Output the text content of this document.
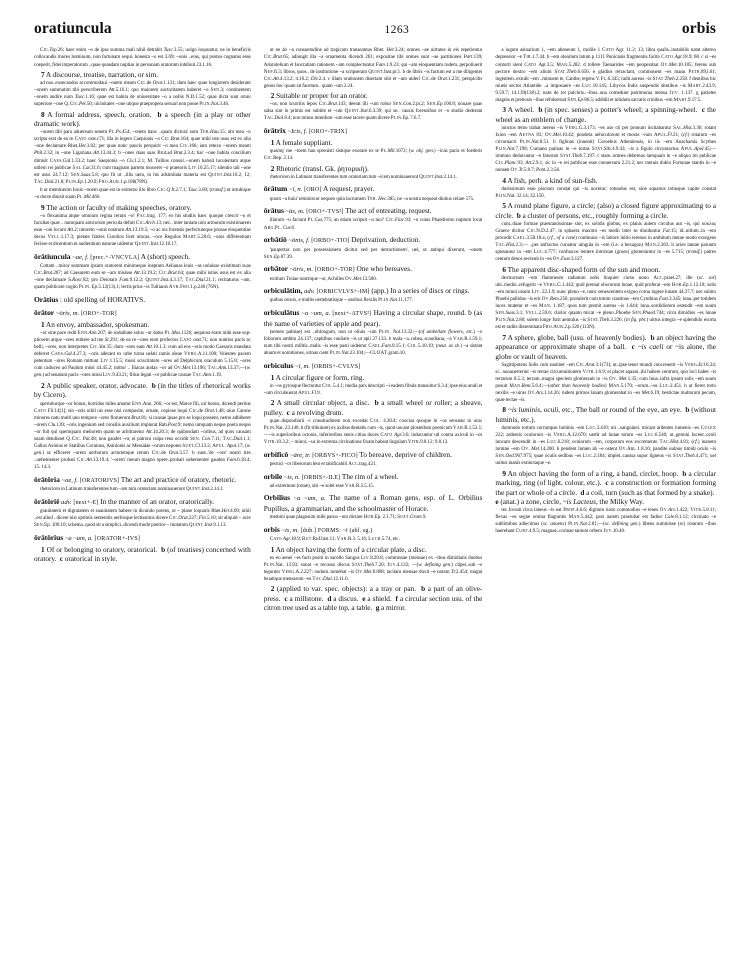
oratiuncula	1263	orbis
Cic.Top.26; haec enim ~o de ipsa summa mali nihil detrahit Tusc.3.55; uolgo loquuntur, ne in beneficiis collocandis mores hominum, non fortunam sequi. honesta ~o est 3.69; ~onis ..eius, qui postea cognatus esse coeperit, fidei imperatorum ..quae quasdam nuptias in personam oratorum inhibuit 23.1.16.
7 A discourse, treatise, narration, or sim.
ad nos..exsecandos accommodaui ~onem meam Cic.de Orat.1.131; dum haec quae longiorem desiderant ~onem summatim tibi perscriberem Att.5.16.1; quo maiorem auctoritatem haberet ~o Sen.3; continentem ~onem audire num Tusc.1.16; quae est habita de uniuersitate ~o a nobis N.D.1.52; quae dicta sunt omni superiore ~one Q.Cic.Pet.50; uicinitates ~one utique praepropera seruari non posse Plin.Nat.3.46.
8 A formal address, speech, oration.  b a speech (in a play or other dramatic work).
~onem tibi para aduersum senem Pl.Ps.454; ~onem hanc ..quam dictura' sum Ter.Hau.15; ubi mea ~o scripta erat de ea re Cato orat.c71; illa in legem Caepionis ~o Cic.Brut.164; quae mihi iste usus est ex alia ~one declamare Rhet.Her.3.82; per quae nunc paucis perquirit ~o mea Cic.166; iam retexo ~onem meam Phil.2.32; in ~one Ligariana Att.13.44.3; b ~ones duas suas Brut.ad Brut.2.3.4; hac ~one habita concilium dimisit Caes.Gal.1.33.2; haec Saepionis ~o Civ.1.2.1; M. Tullius consul..~onem habuit luculentam atque utilem rei publicae Sal.Cat.31.6; cum magnam partem moueret ~o praetoris Liv.10.25.17; silentio tali ~one est usus 24.7.12; Sen.Suas.5.8; quo fit ut ..illis uera, in his adsimilata materia est Quint.Inst.10.2, 12; Tac.Dial.21.8; Plin.Ep.1.20.9; Fro.Aur.1.p.188(78N).
b ut meminerim Iouis ~onem quae est in extremo illo libro Cic.Q fr.2.7.1; Tusc.3.60; (transf.) ut utrubique ~o docte diuisit suam Pl.Mil.466.
9 The action or faculty of making speeches, oratory.
~o flexanima atque omnium regina rerum ~o! Pac.trag. 177; ex his studiis haec quoque crescit ~o et facultas quae .. numquam amicorum pericula defuit Cic.Arch.13; nec.. inter tantam uim armorum existimarem esse ~oni locum Att.2; nitorem ~onis nostrum Att.13.19.5; ~o ac uis forensis perfectumque prosae eloquentiae decus Vell.1.17.3; pietate fratres Curulios licet uincas, ~oce Regulos Mart.5.28.6; ~onis differentiam fecisse et dicentium et audientium naturae uidentur Quint.Inst.12.10.17.
ōrātiuncula ~ae, f. [prec.+-VNCVLA] A (short) speech.
Cottam ..miror summam ipsum oratorem minimeque ineptum Aelianas leuis ~as uoluisse existimari suas Cic.Brut.207; ad Caesarem eum se ~am misisse Att.13.19.2; Cic.Brut.64; quae mihi istius usus est ex alia ~one declamare S.Rosc.82; pro Deiotaro Fam.9.12.2; Quint.Inst.4.3.17; Tac.Dial.21.1; recitaturus ~am, quam publicare cogito Plin. Ep.5.12(13).1; lectis prius ~is Tullianis Avr.Fro.1.p.246 (76N).
Orātius : old spelling of HORATIVS.
ōrātor ~ōris, m. [ORO+-TOR]
1 An envoy, ambassador, spokesman.
~or sine pace redit Enn.Ann.207; de sodalitate solus ~or datus Pl.Mos.1126; aequiust eram mihi esse suppliceem atque ~ores mittere ad me St.291; de ea re ~ores eum profectos Cato orat.71; non nuntios pacis ac belli, ~ores, non interpretes Cic.Vat.35; dum ~ores eant Att.10.1.3; cum ad eos ~oris modo Caesaris mandata deferret Caes.Gal.4.27.3; ~oris aderant ex urbe turna uelati ramis oleae Verg.A.11.100; Veientes pacem petentum ~ores Romam mittunt Liv.1.15.5; missi sciscitatum ~ores ad Delphicum oraculum 5.15.8; ~ores cum caduceo ad Paulum misit 44.45.2; mittor .. Iliacas audax ~or ad Ov.Met.13.196; Tac.Ann.13.37;—(w. gen.) ad senatum pacis ~ores missi Liv.9.43.21; filius legati ~or publicae causae Tac.Ann.1.19.
2 A public speaker, orator, advocate.  b (in the titles of rhetorical works by Cicero).
sperniturque ~or bonus, horridus miles amatur Enn.Ann. 266; ~or est, Marce fili, uir bonus, dicendi peritus Cato Fil.14[1]; sin ~oris nihil uis esse nisi composite, ornate, copiose loqui Cic.de Orat.1.48; uiuo Catone minores natu multi uno tempore ~ores floruerunt Brut.81; si causae ipsae pro se loqui possent, nemo adhiberet ~orem Clu.139; ~oris ingenium sed consilis auxilium implorat Rab.Post.9; nemo umquam neque poeta neque ~or fuit qui quemquam meliorem quam se arbitraretur Att.14.20.3; de quibusdam ~oribus, ad quos causam suam detulisset Q.Cic. Pat.48; non gaudet ~or, ei patroni culpa reus occidit Sen. Con.7.11; Tac.Dial.1.1; Gallus Asinius et Statilius Coruinus, Asinionis ac Messalae ~orum nepotes Suet.Cl.13.2; Apul. Apol.17; (w. gen.) ut efficeret ~orem uerborum actoremque rerum Cic.de Orat.3.57. b sunt..'de ~ore' nostri tres ..uehementer probati Cic.Att.13.19.4; '~orem' meum magno opere..probari uehementer gaudeo Fam.6.18.4; 15. 14.3.
ōrātōria ~ae, f. [ORATORIVS] The art and practice of oratory, rhetoric.
rhetoricen in Latinum transferentes tum ~am tum oratoriam nominauerunt Quint.Inst.2.14.1.
ōrātōriē adv. [next+-E] In the manner of an orator, oratorically.
grauitatem et dignitatem et suauitatem habere in dicundo potens, ut ~ plane loquaris Rhet.Her.4.69; nihil ..est aliud ..dicere nisi optimis sententiis uerbisque lectissimis dicere Cic.Orat.227; Fin.5.10; sit aliquid ~ acre Sen.Ep. 100.10; schema..quod sit a simplici..dicendi modo poetice ~ mutatum Quint.Inst.9.1.13.
ōrātōrius ~a ~um, a. [ORATOR+-IVS]
1 Of or belonging to oratory, oratorical.  b (of treatises) concerned with oratory.  c oratorical in style.
ut ne ab ~a consuetudine ad tragicam transeamus Rhet. Her.3.24; omnes ~ae uirtutes in eis reperientur Cic.Brut.65; adiungit illa ~a ornamenta dicendi 261; expositae tibi omnes sunt ~ae partitiones Part.139; Aristotelium et Isocratiam rationem ~am complectuntur Fam.1.9.23; qui ~am eloquentiam rudem..perpoliuerit Nep.fr.3; libros, quos.. de institutione ~a scripseram Quint.Inst.pr.1. b de libris ~is factum est a me diligenter Cic.Att.4.13.2; 4.16.2; Div.2.4. c illam orationem disertam sibi et ~am uideri Cic.de Orat.1.231; perspicitis genus hoc quam sit facetum.. quam ~um 2.24.
2 Suitable or proper for an orator.
~us, non scurrilis lepos Cic.Brut.143; deerat illi ~um robur Sen.Con.2.pr.2; Sen.Ep.100.8; nouare quae salsa sint in primis est subtile et ~um Quint.Inst.6.3.39; qui se.. causis forensibus et ~o studio dederant Tac.Dial.8.4; non minus interdum ~um esse tacere quam dicere Plin.Ep. 7.6.7.
ōrātrix ~Icis, f. [ORO+-TRIX]
1 A female suppliant.
quomq' me ~toem hau spreuisti sistique exorare ex te Pl.Mil.1072; (w. obj. gen.) ~icas pacis et foederis Cic.Rep. 2.14.
2 Rhetoric (transl. Gk. ῥητορική).
rhetoricen in Latinum transferentes tum oratoriam tum ~icem nominauerunt Quint.Inst.2.14.1.
ōrātum ~ī, n. [ORO] A request, prayer.
quom ~a huiu' reminiscor nequeo quin lacrumem Ter. Hec.385; ne ~a nostra nequeat diutius celare 575.
ōrātus ~ūs, m. [ORO+-TVS³] The act of entreating, request.
illarum ~u faciunt Pl.Cas.775; an etiam scripsit ~u tuo? Cic.Flac.93; ~u cuius Phaedromo nuptum locat Arg.Pl. Cur.8.
orbātiō ~ōnis, f. [ORBO+-TIO] Deprivation, deduction.
'paupertas non per possessionem dicitur sed per detractionem', uel, ut antiqui dixerunt, ~onem Sen.Ep.87.39.
orbātor ~ōris, m. [ORBO+-TOR] One who bereaves.
exitium Troiae nostrique ~or, Achilles Ov.Met.13.500.
orbiculātim, adv. [ORBICVLVS+-IM] (app.) In a series of discs or rings.
quibus ceruix, e multis uertebratisque ~ ossibus flexilis Plin.Nat.11.177.
orbiculātus ~a ~um, a. [next+-ATVS²] Having a circular shape, round. b (as the name of varieties of apple and pear).
(semen palmae) est ..oblongum, non ut oliuis ~um Plin. Nat.13.32;—(of umbellate flowers, etc.) ~o foliorum ambitu 24.137; capitibus cauliam ~is ut apii 27.133. b mala ~a..rubea..scaudiana, ~a Var.R.1.59.1; num tibi nostri militis..malis ~is esse pasti uidentur Cael.Fam.8.15.1; Col.5.10.19; (neut. as sb.) ~a sistant aluum et uomitiones, urinas cient Plin.Nat.23.104;—CLOAT.gram.10.
orbiculus ~ī, m. [ORBIS+-CVLVS]
1 A circular figure or form, ring.
in ~os gyrosque flectuntur Col.5.4.1; media pars descripti ~i eadem fibula transuitur 6.3.4; ipse eius anuli et ~um circulauerat Apul.Fl.9.
2 A small circular object, a disc.  b a small wheel or roller; a sheave, pulley.  c a revolving drum.
quae..dupondiarii ~i crassitudinem non excedat Col. 4.30.4; coocisa quoque in ~os seruatur in uino Plin.Nat. 23.148. b (fit tribulum) ex axibus dentatis cum ~is, quod uocant plostellum poenicum Var.R.1.52.1;—~is superioribus octonis, inferioribus senis citius duces Cato Agr.3.6; inducuntur uti contra axiculi in ~os Vitr.10.3.2; ~ minor..~us in extrema circinatione fixam habeat lingulam Vitr.9.8.12; 9.8.13.
orbificō ~āre, tr. [ORBVS+-FICO] To bereave, deprive of children.
pernici ~or liberorum leto et tabificabili Acc.trag.421.
orbile ~is, n. [ORBIS+-ILE] The rim of a wheel.
ad extremum (rotae), ubi ~e solet esse Var.R.3.5.15.
Orbilius ~a ~um, a. The name of a Roman gens, esp. of L. Orbilius Pupillus, a grammarian, and the schoolmaster of Horace.
memini quae plagosum mihi paruo ~um dictare Hor.Ep. 2.1.71; Suet.Gram.9.
orbis ~is, m. [dub.] FORMS: ~ī (abl. sg.)
Cato Agr.18.9; Rut.Ruf.hist.11; Var.R.3. 5.16; Lucr.5.74, etc.
1 An object having the form of a circular plate, a disc.
ex eo aenei ~es facti positi in sacello Sangus Liv.8.20.8; commissae (mensae) ex ~ibus dimidiatis duobus Plin.Nat. 13.93; sonat ~e recusso discus Stat.Theb.7.20; Juv.4.132; —(w. defining gen.) clipei..sub ~e teguntur Verg.A.2.227; nudum..tumebat ~is Ov.Met.8.808; tacitam mensae duxit ~e notam Tr.2.454; magni leuatique mensarum ~es Tac.Dial.12.11.6.
2 (applied to var. spec. objects): a a tray or pan.  b a part of an olive-press.  c a millstone.  d a discus.  e a shield.  f a circular section usu. of the citron tree used as a table top, a table.  g a mirror.
a iugum asinarium 1, ~em aheneum 1, molile 1 Cato Agr. 11.2; 13; libra qualis..instabilis natat alterno depressior ~e Tib.1.7.44. b ~em olearium latum p 1111 Punicanis fragmentis facito Cato Agr.18.9; 68. c si ~es contorti sient Cato Agr.3.5; Man.5.282. d tollere Taenarides ~em peoperabat Ov.Met.10.185; ferens sub pectore dextro ~em alium Stat.Theb.6.656. e gladios retractant, commouent ~es manu Petr.89,l.61; ingentem..extulit ~em ..minuem te, Canthe, tegens V.Fl.6.345; radit aureus ~is Stat.Theb.2.258. f dentibus hic niueis sectos Atlantide ..a imposuere ~es Luc.10.145; Libycos Indis suspendis dentibus ~is Mart.2.43.9; 9.59.7; 14.139(138).2; nam de tot pulchris..~ibus..una comedunt patrimonia mensa Juv. 1.137. g parietes magnis et pretiosis ~ibus refulserunt Sen.Ep.86.5; addidit et nitidum sacratis crinibus ~em Mart.9.17.5.
3 A wheel.  b (in spec. senses) a potter's wheel; a spinning-wheel.  c the wheel as an emblem of change.
iunctos temo trahat aereus ~is Verg.G.3.173; ~es axe cti per pronum incitabantur Sal.Hist.3.36; rotant Ixion ~em Aetna 83; Ov.Met.10.42; pondera uehiculorum et moras ~ium Apul.Fl.21; (cf.) rotarum ~es circumacti Plin.Nat.8.51. b figlinas (inuenit) Coroebus Atheniensis, in iis ~em Anacharsis Scythes Plin.Nat.7.198; Cumano patinas in ~e tortas Stat.Silv.4.9.43; ~is a figulo circumactus Apul.Apol.45;—immuto deducuntur ~e fatorum Stat.Theb.7.197. c stare..omnes debemus tamquam in ~e aliquo rei publicae Cic.Planc.93; Att.2.9.1; sic in ~e rei publicae esse conuersum 2.21.2; nec metuis dubio Fortunae stantis in ~e nunsen Ov.Tr.5.8.7; Pont.2.3.56.
4 A fish, perh. a kind of sun-fish.
durissimum esse piscium constat qui ~is uocetur; rotundus est, sine squamis totusque capite constat Plin.Nat. 32.14; 32.150.
5 A round plane figure, a circle; (also) a closed figure approximating to a circle.  b a cluster of persons, etc., roughly forming a circle.
cum..duae formae praestantissimae sint, ex solidis globus, ex planis autem circulus aut ~is, qui κύκλος Graece dicitur Cic.N.D.2.47; in sphaera maximi ~es medii inter se diuiduntur Fat.15; id..uitium..in ~em procedit Cael.3.58.18.a; (cf., of a cone) continuus ~is latiore initio terenus in ambitum metae modo exurgens Tac.Hist.2.3;— ..per anfractus curuatur uingula in ~em (i.e. a hexagon) Man.2.363. b acies tantae paruum spissantur in ~em Luc.4.777; confuscos temere inmixtae (grues) glomerantur in ~es 5.715; (transf.) patres centum denos secreuit in ~es Ov.Fast.3.127.
6 The apparent disc-shaped form of the sun and moon.
dextrorsum ~em flammeum radiatum solis linquier cursu nouo Acc.praet.27; ille (sc. sol) ubi..medio..refugerit ~e Verg.G.1.442; quid premat obscurum lunae, quid proferat ~em Hor.Ep.1.12.18; solis ~em minui uisum Liv. 22.1.9; nunc pleno ~e, nunc senescentem exiguo cornu ingere lunam 44.37.7; nec subito Phoebi pallidus ~is erit Ov.Rem.256; protulerit cum totum crastinus ~em Cynthius Fast.3.345; luna..per totidem luces mutetur et ~es Man. 1.187; quos tum premit aureus ~is 1.644; luna..sordidiorem ostendit ~em suum Sen.Suas.3.1; Vell.2.59.6; clarior quanto micat ~e pleno..Phoebe Sen.Phaed.744; circa dimidios ~es lunae Plin.Nat.2.80; solem longe furit aemulus ~is Stat.Theb.3.226; (in fig. phr.) uirtus integra ~e splendido exorta est et radiis disseminata Fro.Aur.2.p.126 (113N).
7 A sphere, globe, ball (usu. of heavenly bodies).  b an object having the appearance or approximate shape of a ball.  c ~is caeli or ~is alone, the globe or vault of heaven.
Sagittipotens Solis cum sustinet ~em Cic.Arat.3:1(73); ut..ipse tener mundi concreuerit ~is Verg.Ecl.6.34; si.. nonauerterint ~is terrae circumuitionem Vitr.1.6.9; ei placet aqaam..ibi habere centrum, quo loci habet ~is terrarum 8.5.3; terram..magni speciem glomerauit in ~is Ov. Met.1.35; cum luna..infra ipsum solis ~em suum posuit Man.Rem.5.6.4;—(other than heavenly bodies) Man.5.170; ~orum..~es Luc.2.451. b ut fieret torto nexilis ~e uirus Ov.Ars.1.14.26; rudem primos lanam glomerabat in ~es Met.6.19; besticlae multorum pecum, quae tectae ~is.
8 ~is luminis, oculi, etc., The ball or round of the eye, an eye.  b (without luminis, etc.).
dumnodo tortum corrumpas luminis ~em Luc.3.410; mi ..sanguinei. micant ardentes lumenis ~es Culex 222; ardentis oculorum ~is Verg.A.12.670; uertit ad lunae torum ~es Luc.6.540; ut..gemini lucent..oculi luncam descendit in ~es Luc.6.218; oculorum ~em, corporum eos excremento Tac.Hist.4.81; (cf.) inanem lumine ~em Ov. Met.14.200. b pendent lumen ab ~e ostent Ov.Am. 1.8.16; pandite uulnus timidi oculo ~is Sen.Oed.967.975; quae oculis sedibus ~es Luc.2.184; implet..caussa supor ligneus ~is Stat.Theb.4.471; uel uultus inanis extinctaque ~e.
9 An object having the form of a ring, a band, circlet, hoop.  b a circular marking, ring (of light, colour, etc.).  c a construction or formation forming the part or whole of a circle.  d a coil, turn (such as that formed by a snake).  e (anat.) a zone, circle, ~is Lacteus, the Milky Way.
ter..focum circa laneus ~is eat Prop.4.6.6; digitum iusto commodius ~e tenes Ov.Ars.1.422; Vitr.5.8.11; flexas ~es segne omina flagrantis Man.5.442; pars autem praeiubar est fadiur Cale.8.1.12; circinato ~e sublimibus adiecimus (sc. anuens) Plin.Nat.2.81;—(sc. defining gen.) libens summisse (sc) rotarum ~ibus haerebant Curt.4.9.5; magnae..corinae tantum orbem Juv.10.40.
